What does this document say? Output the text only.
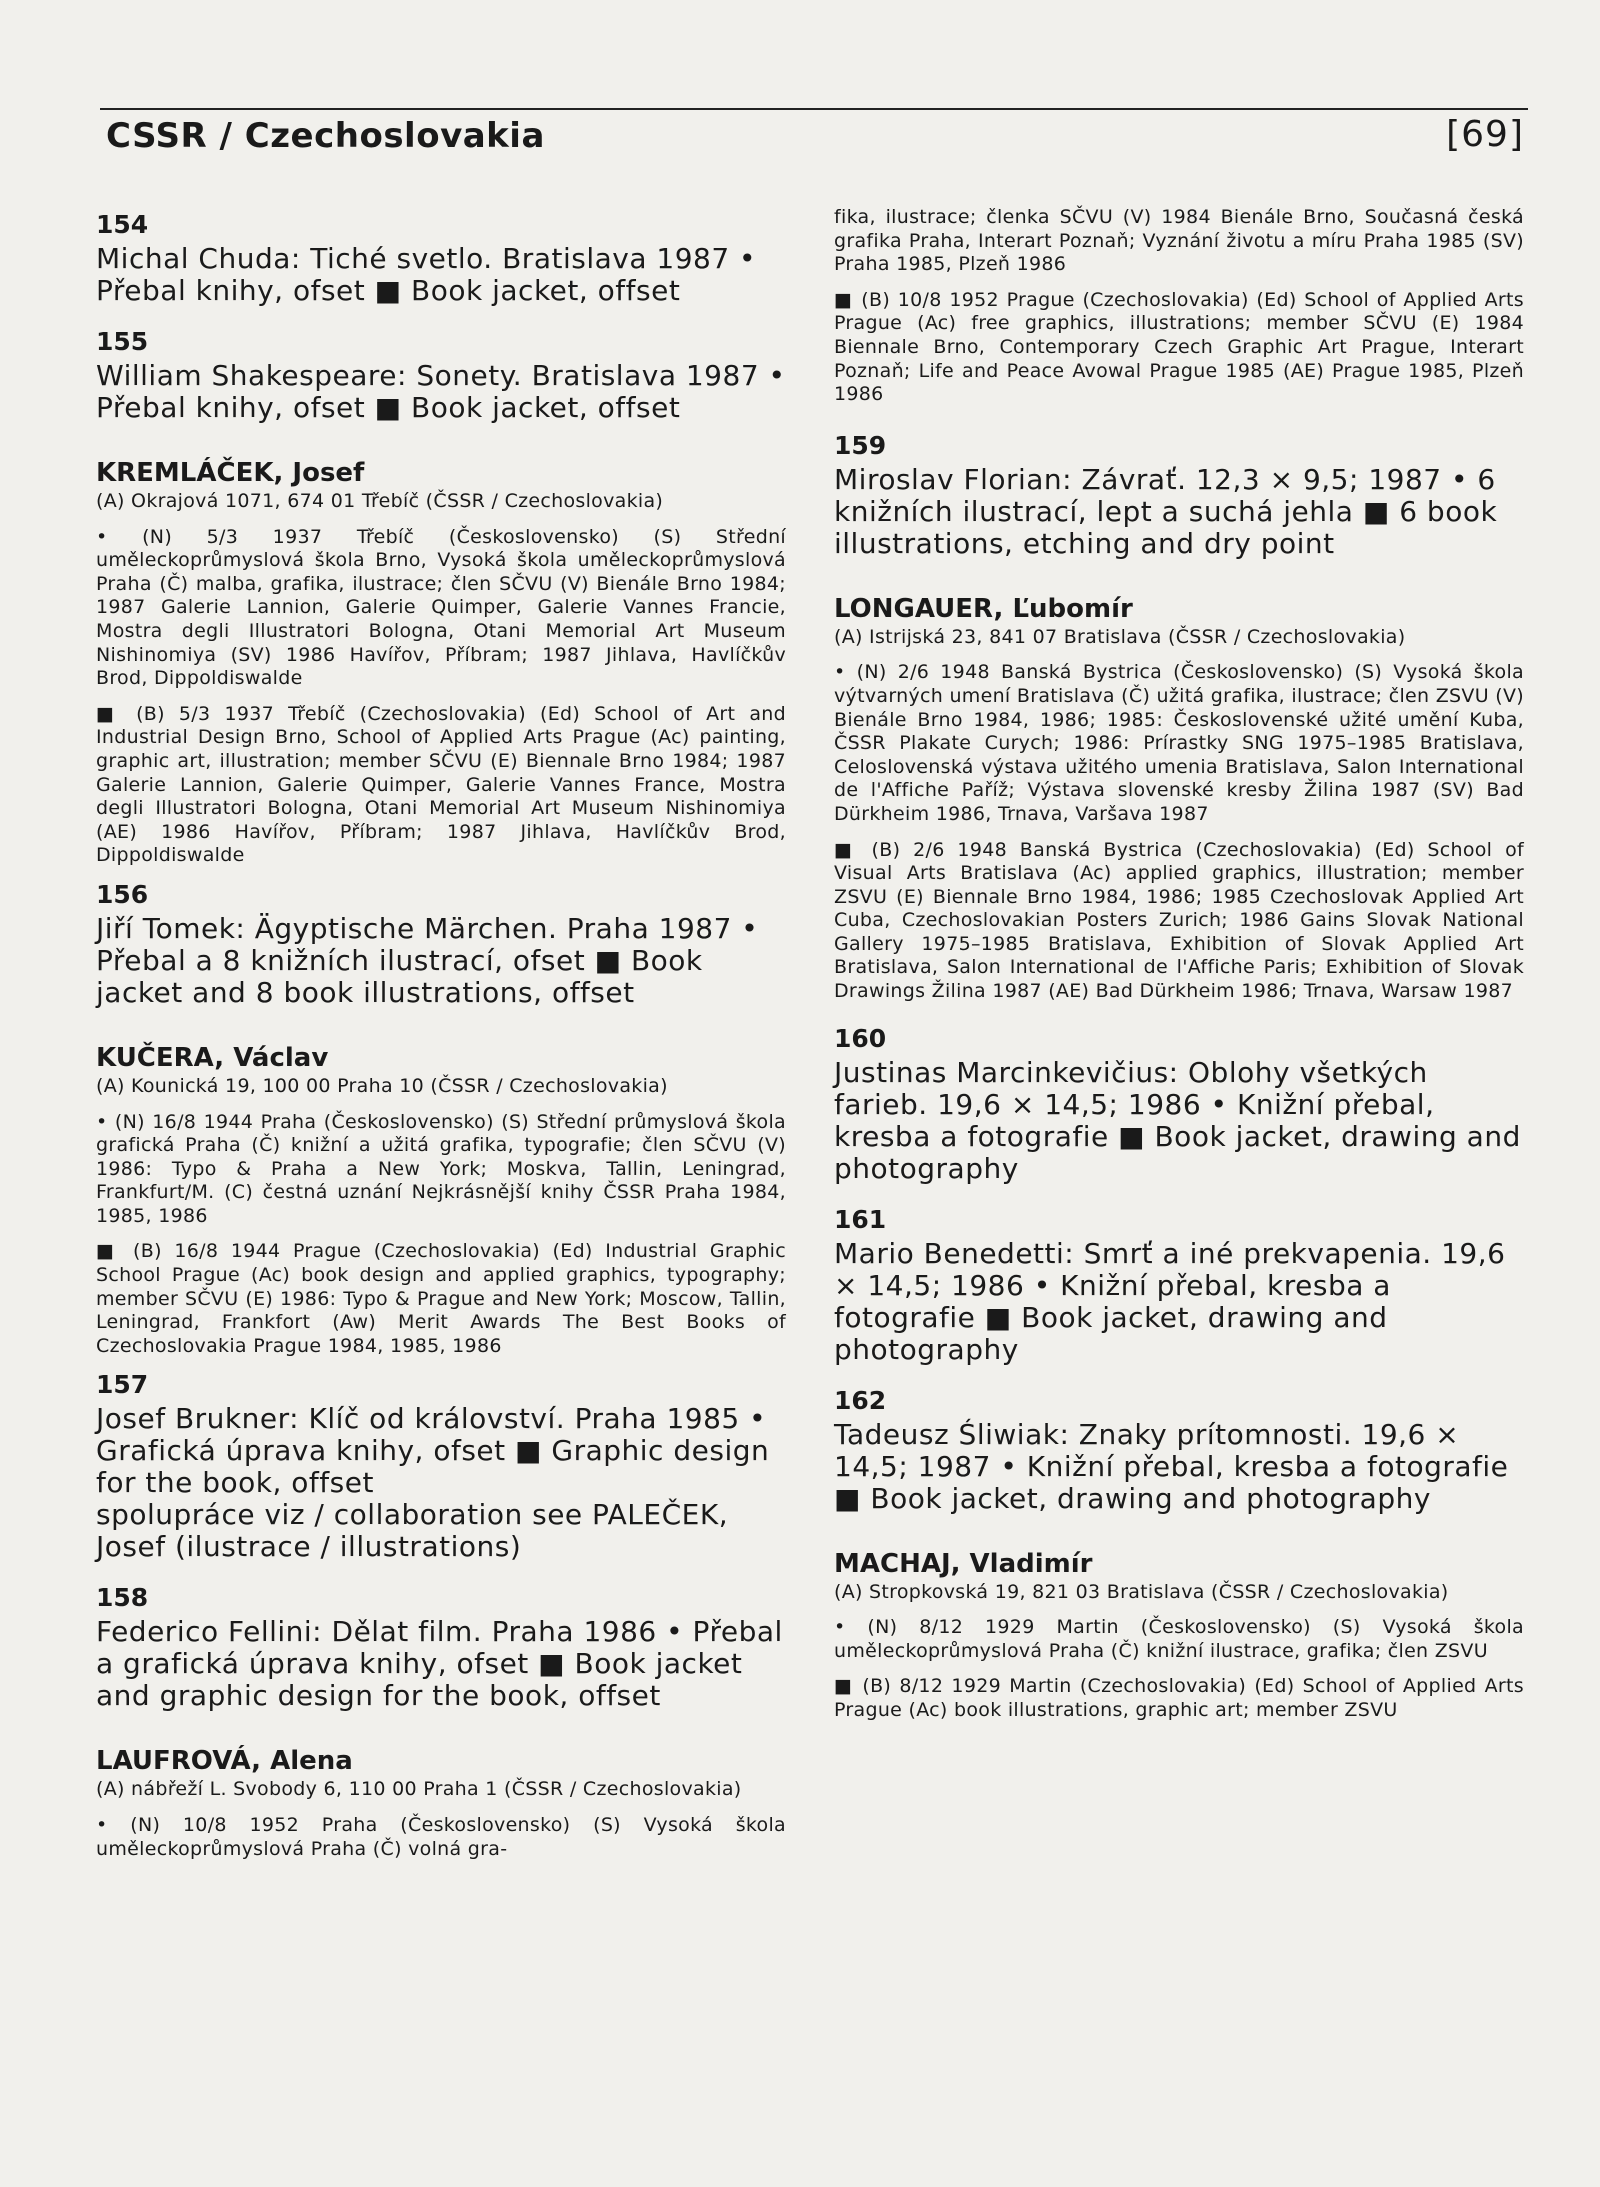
CSSR / Czechoslovakia	[69]
154
Michal Chuda: Tiché svetlo. Bratislava 1987 • Přebal knihy, ofset ■ Book jacket, offset
155
William Shakespeare: Sonety. Bratislava 1987 • Přebal knihy, ofset ■ Book jacket, offset
KREMLÁČEK, Josef
(A) Okrajová 1071, 674 01 Třebíč (ČSSR / Czechoslovakia)
• (N) 5/3 1937 Třebíč (Československo) (S) Střední uměleckoprůmyslová škola Brno, Vysoká škola uměleckoprůmyslová Praha (Č) malba, grafika, ilustrace; člen SČVU (V) Bienále Brno 1984; 1987 Galerie Lannion, Galerie Quimper, Galerie Vannes Francie, Mostra degli Illustratori Bologna, Otani Memorial Art Museum Nishinomiya (SV) 1986 Havířov, Příbram; 1987 Jihlava, Havlíčkův Brod, Dippoldiswalde
■ (B) 5/3 1937 Třebíč (Czechoslovakia) (Ed) School of Art and Industrial Design Brno, School of Applied Arts Prague (Ac) painting, graphic art, illustration; member SČVU (E) Biennale Brno 1984; 1987 Galerie Lannion, Galerie Quimper, Galerie Vannes France, Mostra degli Illustratori Bologna, Otani Memorial Art Museum Nishinomiya (AE) 1986 Havířov, Příbram; 1987 Jihlava, Havlíčkův Brod, Dippoldiswalde
156
Jiří Tomek: Ägyptische Märchen. Praha 1987 • Přebal a 8 knižních ilustrací, ofset ■ Book jacket and 8 book illustrations, offset
KUČERA, Václav
(A) Kounická 19, 100 00 Praha 10 (ČSSR / Czechoslovakia)
• (N) 16/8 1944 Praha (Československo) (S) Střední průmyslová škola grafická Praha (Č) knižní a užitá grafika, typografie; člen SČVU (V) 1986: Typo & Praha a New York; Moskva, Tallin, Leningrad, Frankfurt/M. (C) čestná uznání Nejkrásnější knihy ČSSR Praha 1984, 1985, 1986
■ (B) 16/8 1944 Prague (Czechoslovakia) (Ed) Industrial Graphic School Prague (Ac) book design and applied graphics, typography; member SČVU (E) 1986: Typo & Prague and New York; Moscow, Tallin, Leningrad, Frankfort (Aw) Merit Awards The Best Books of Czechoslovakia Prague 1984, 1985, 1986
157
Josef Brukner: Klíč od království. Praha 1985 • Grafická úprava knihy, ofset ■ Graphic design for the book, offset
spolupráce viz / collaboration see PALEČEK, Josef (ilustrace / illustrations)
158
Federico Fellini: Dělat film. Praha 1986 • Přebal a grafická úprava knihy, ofset ■ Book jacket and graphic design for the book, offset
LAUFROVÁ, Alena
(A) nábřeží L. Svobody 6, 110 00 Praha 1 (ČSSR / Czechoslovakia)
• (N) 10/8 1952 Praha (Československo) (S) Vysoká škola uměleckoprůmyslová Praha (Č) volná gra-
fika, ilustrace; členka SČVU (V) 1984 Bienále Brno, Současná česká grafika Praha, Interart Poznaň; Vyznání životu a míru Praha 1985 (SV) Praha 1985, Plzeň 1986
■ (B) 10/8 1952 Prague (Czechoslovakia) (Ed) School of Applied Arts Prague (Ac) free graphics, illustrations; member SČVU (E) 1984 Biennale Brno, Contemporary Czech Graphic Art Prague, Interart Poznaň; Life and Peace Avowal Prague 1985 (AE) Prague 1985, Plzeň 1986
159
Miroslav Florian: Závrať. 12,3 × 9,5; 1987 • 6 knižních ilustrací, lept a suchá jehla ■ 6 book illustrations, etching and dry point
LONGAUER, Ľubomír
(A) Istrijská 23, 841 07 Bratislava (ČSSR / Czechoslovakia)
• (N) 2/6 1948 Banská Bystrica (Československo) (S) Vysoká škola výtvarných umení Bratislava (Č) užitá grafika, ilustrace; člen ZSVU (V) Bienále Brno 1984, 1986; 1985: Československé užité umění Kuba, ČSSR Plakate Curych; 1986: Prírastky SNG 1975–1985 Bratislava, Celoslovenská výstava užitého umenia Bratislava, Salon International de l'Affiche Paříž; Výstava slovenské kresby Žilina 1987 (SV) Bad Dürkheim 1986, Trnava, Varšava 1987
■ (B) 2/6 1948 Banská Bystrica (Czechoslovakia) (Ed) School of Visual Arts Bratislava (Ac) applied graphics, illustration; member ZSVU (E) Biennale Brno 1984, 1986; 1985 Czechoslovak Applied Art Cuba, Czechoslovakian Posters Zurich; 1986 Gains Slovak National Gallery 1975–1985 Bratislava, Exhibition of Slovak Applied Art Bratislava, Salon International de l'Affiche Paris; Exhibition of Slovak Drawings Žilina 1987 (AE) Bad Dürkheim 1986; Trnava, Warsaw 1987
160
Justinas Marcinkevičius: Oblohy všetkých farieb. 19,6 × 14,5; 1986 • Knižní přebal, kresba a fotografie ■ Book jacket, drawing and photography
161
Mario Benedetti: Smrť a iné prekvapenia. 19,6 × 14,5; 1986 • Knižní přebal, kresba a fotografie ■ Book jacket, drawing and photography
162
Tadeusz Śliwiak: Znaky prítomnosti. 19,6 × 14,5; 1987 • Knižní přebal, kresba a fotografie ■ Book jacket, drawing and photography
MACHAJ, Vladimír
(A) Stropkovská 19, 821 03 Bratislava (ČSSR / Czechoslovakia)
• (N) 8/12 1929 Martin (Československo) (S) Vysoká škola uměleckoprůmyslová Praha (Č) knižní ilustrace, grafika; člen ZSVU
■ (B) 8/12 1929 Martin (Czechoslovakia) (Ed) School of Applied Arts Prague (Ac) book illustrations, graphic art; member ZSVU
